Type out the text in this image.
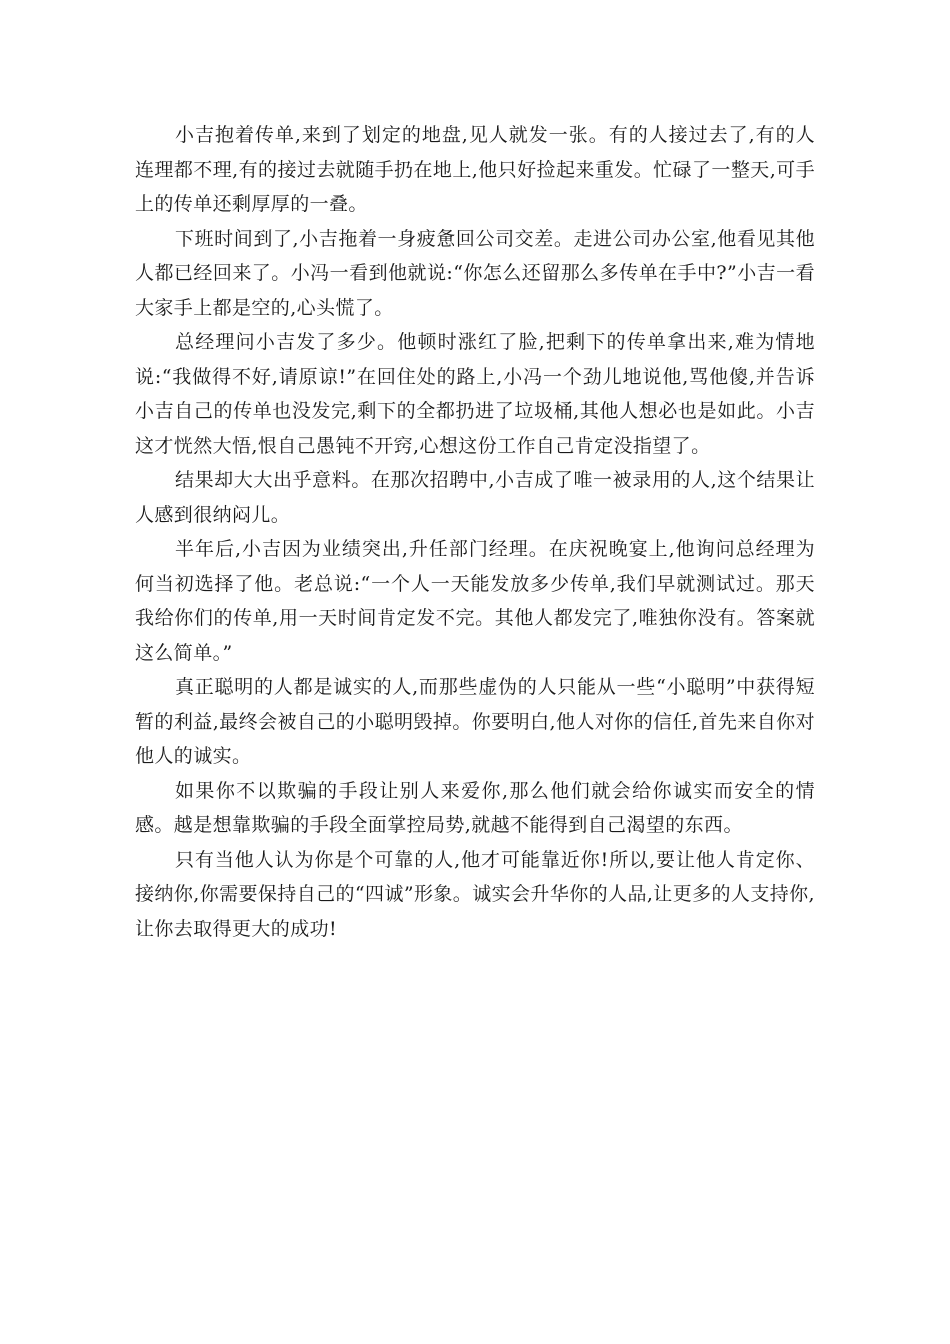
小吉抱着传单,来到了划定的地盘,见人就发一张。有的人接过去了,有的人连理都不理,有的接过去就随手扔在地上,他只好捡起来重发。忙碌了一整天,可手上的传单还剩厚厚的一叠。

下班时间到了,小吉拖着一身疲惫回公司交差。走进公司办公室,他看见其他人都已经回来了。小冯一看到他就说:“你怎么还留那么多传单在手中?”小吉一看大家手上都是空的,心头慌了。

总经理问小吉发了多少。他顿时涨红了脸,把剩下的传单拿出来,难为情地说:“我做得不好,请原谅!”在回住处的路上,小冯一个劲儿地说他,骂他傻,并告诉小吉自己的传单也没发完,剩下的全都扔进了垃圾桶,其他人想必也是如此。小吉这才恍然大悟,恨自己愚钝不开窍,心想这份工作自己肯定没指望了。

结果却大大出乎意料。在那次招聘中,小吉成了唯一被录用的人,这个结果让人感到很纳闷儿。

半年后,小吉因为业绩突出,升任部门经理。在庆祝晚宴上,他询问总经理为何当初选择了他。老总说:“一个人一天能发放多少传单,我们早就测试过。那天我给你们的传单,用一天时间肯定发不完。其他人都发完了,唯独你没有。答案就这么简单。”

真正聪明的人都是诚实的人,而那些虚伪的人只能从一些“小聪明”中获得短暂的利益,最终会被自己的小聪明毁掉。你要明白,他人对你的信任,首先来自你对他人的诚实。

如果你不以欺骗的手段让别人来爱你,那么他们就会给你诚实而安全的情感。越是想靠欺骗的手段全面掌控局势,就越不能得到自己渴望的东西。

只有当他人认为你是个可靠的人,他才可能靠近你!所以,要让他人肯定你、接纳你,你需要保持自己的“四诚”形象。诚实会升华你的人品,让更多的人支持你,让你去取得更大的成功!
